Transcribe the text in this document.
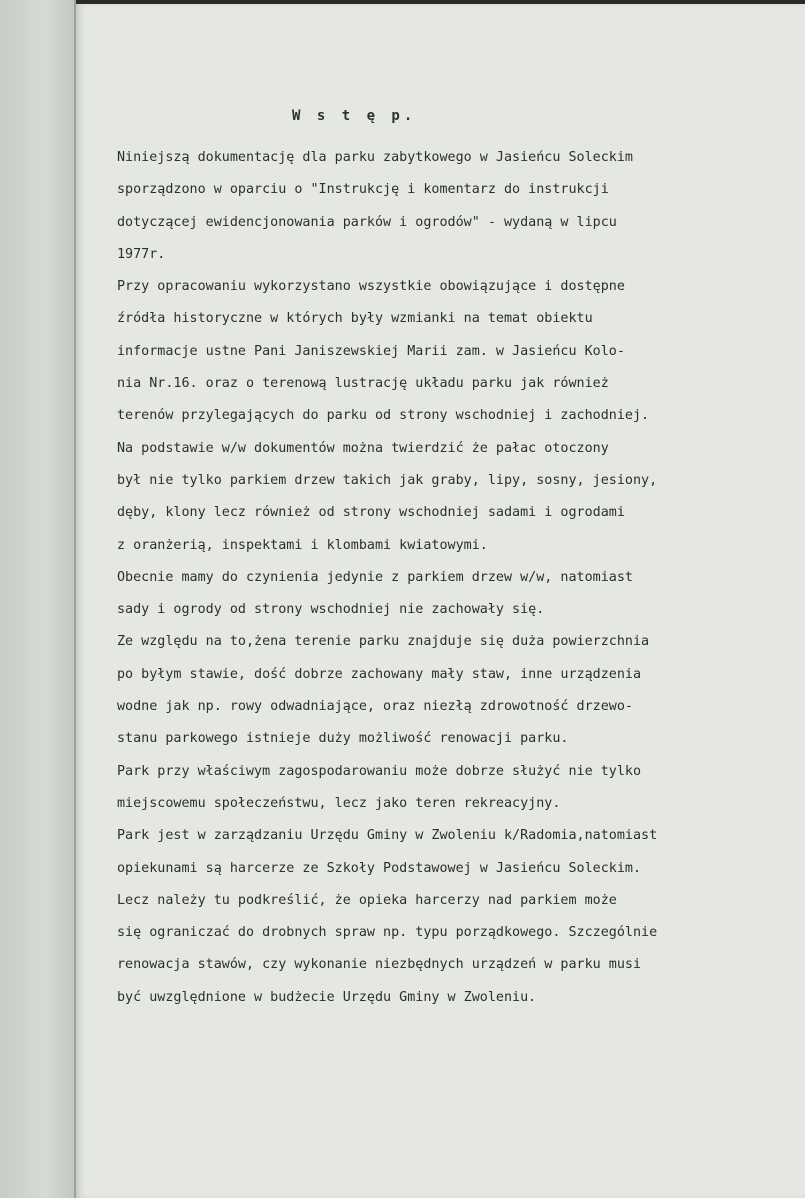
W s t ę p.
Niniejszą dokumentację dla parku zabytkowego w Jasieńcu Soleckim
sporządzono w oparciu o "Instrukcję i komentarz do instrukcji
dotyczącej ewidencjonowania parków i ogrodów" - wydaną w lipcu
1977r.
Przy opracowaniu wykorzystano wszystkie obowiązujące i dostępne
źródła historyczne w których były wzmianki na temat obiektu
informacje ustne Pani Janiszewskiej Marii zam. w Jasieńcu Kolo-
nia Nr.16. oraz o terenową lustrację układu parku jak również
terenów przylegających do parku od strony wschodniej i zachodniej.
Na podstawie w/w dokumentów można twierdzić że pałac otoczony
był nie tylko parkiem drzew takich jak graby, lipy, sosny, jesiony,
dęby, klony lecz również od strony wschodniej sadami i ogrodami
z oranżerią, inspektami i klombami kwiatowymi.
Obecnie mamy do czynienia jedynie z parkiem drzew w/w, natomiast
sady i ogrody od strony wschodniej nie zachowały się.
Ze względu na to,żena terenie parku znajduje się duża powierzchnia
po byłym stawie, dość dobrze zachowany mały staw, inne urządzenia
wodne jak np. rowy odwadniające, oraz niezłą zdrowotność drzewo-
stanu parkowego istnieje duży możliwość renowacji parku.
Park przy właściwym zagospodarowaniu może dobrze służyć nie tylko
miejscowemu społeczeństwu, lecz jako teren rekreacyjny.
Park jest w zarządzaniu Urzędu Gminy w Zwoleniu k/Radomia,natomiast
opiekunami są harcerze ze Szkoły Podstawowej w Jasieńcu Soleckim.
Lecz należy tu podkreślić, że opieka harcerzy nad parkiem może
się ograniczać do drobnych spraw np. typu porządkowego. Szczególnie
renowacja stawów, czy wykonanie niezbędnych urządzeń w parku musi
być uwzględnione w budżecie Urzędu Gminy w Zwoleniu.
